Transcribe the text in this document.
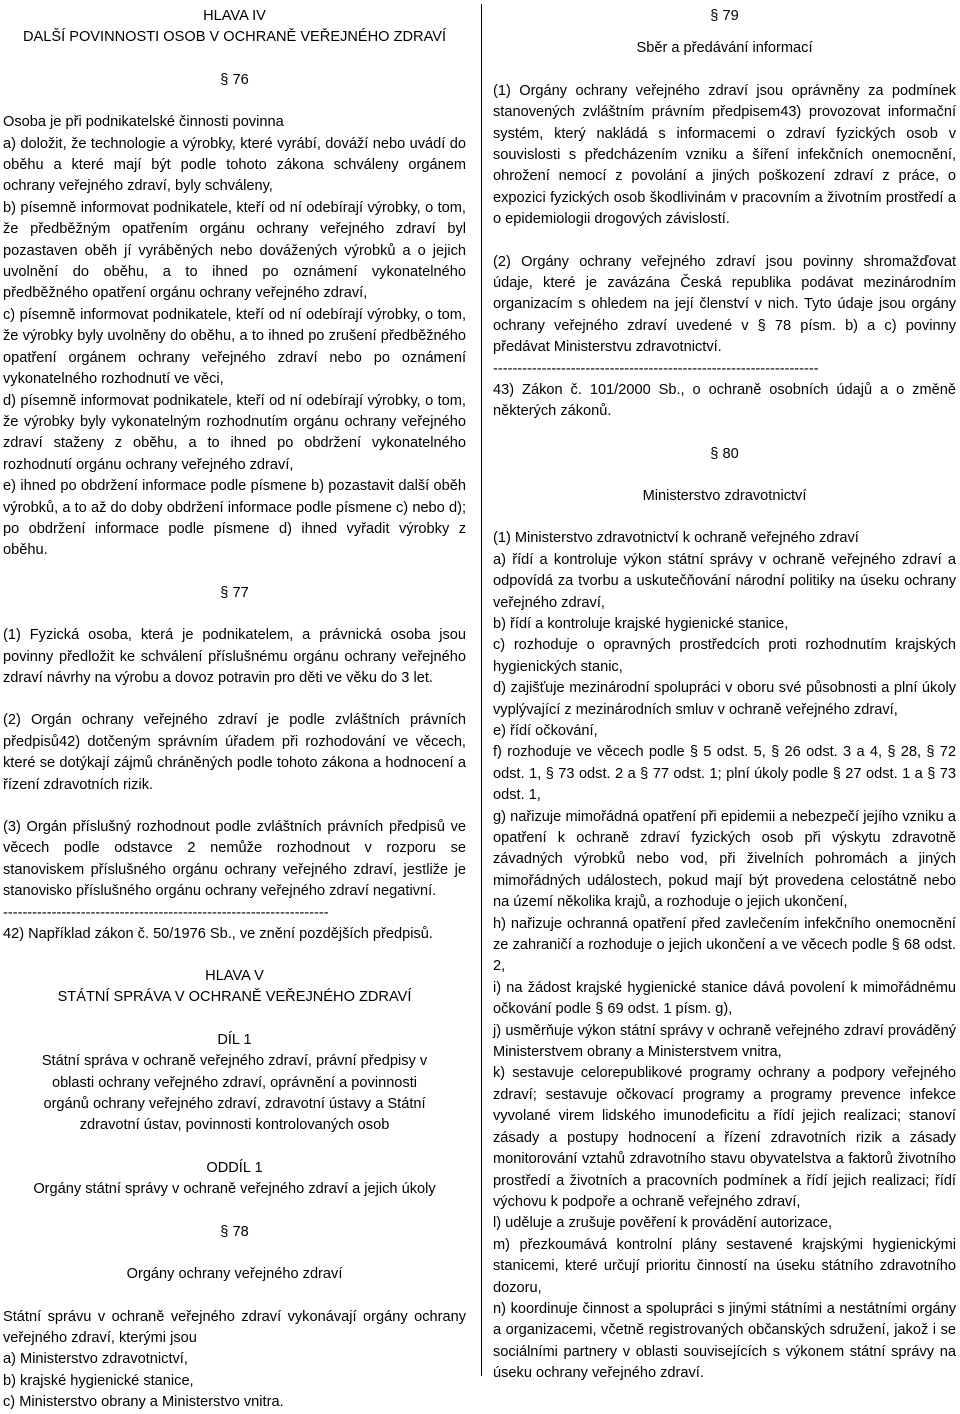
HLAVA IV

DALŠÍ POVINNOSTI OSOB V OCHRANĚ VEŘEJNÉHO ZDRAVÍ

§ 76

Osoba je při podnikatelské činnosti povinna

a) doložit, že technologie a výrobky, které vyrábí, dováží nebo uvádí do oběhu a které mají být podle tohoto zákona schváleny orgánem ochrany veřejného zdraví, byly schváleny,

b) písemně informovat podnikatele, kteří od ní odebírají výrobky, o tom, že předběžným opatřením orgánu ochrany veřejného zdraví byl pozastaven oběh jí vyráběných nebo dovážených výrobků a o jejich uvolnění do oběhu, a to ihned po oznámení vykonatelného předběžného opatření orgánu ochrany veřejného zdraví,

c) písemně informovat podnikatele, kteří od ní odebírají výrobky, o tom, že výrobky byly uvolněny do oběhu, a to ihned po zrušení předběžného opatření orgánem ochrany veřejného zdraví nebo po oznámení vykonatelného rozhodnutí ve věci,

d) písemně informovat podnikatele, kteří od ní odebírají výrobky, o tom, že výrobky byly vykonatelným rozhodnutím orgánu ochrany veřejného zdraví staženy z oběhu, a to ihned po obdržení vykonatelného rozhodnutí orgánu ochrany veřejného zdraví,

e) ihned po obdržení informace podle písmene b) pozastavit další oběh výrobků, a to až do doby obdržení informace podle písmene c) nebo d); po obdržení informace podle písmene d) ihned vyřadit výrobky z oběhu.

§ 77

(1) Fyzická osoba, která je podnikatelem, a právnická osoba jsou povinny předložit ke schválení příslušnému orgánu ochrany veřejného zdraví návrhy na výrobu a dovoz potravin pro děti ve věku do 3 let.

(2) Orgán ochrany veřejného zdraví je podle zvláštních právních předpisů42) dotčeným správním úřadem při rozhodování ve věcech, které se dotýkají zájmů chráněných podle tohoto zákona a hodnocení a řízení zdravotních rizik.

(3) Orgán příslušný rozhodnout podle zvláštních právních předpisů ve věcech podle odstavce 2 nemůže rozhodnout v rozporu se stanoviskem příslušného orgánu ochrany veřejného zdraví, jestliže je stanovisko příslušného orgánu ochrany veřejného zdraví negativní.

-------------------------------------------------------------------

42) Například zákon č. 50/1976 Sb., ve znění pozdějších předpisů.

HLAVA V

STÁTNÍ SPRÁVA V OCHRANĚ VEŘEJNÉHO ZDRAVÍ

DÍL 1

Státní správa v ochraně veřejného zdraví, právní předpisy v oblasti ochrany veřejného zdraví, oprávnění a povinnosti orgánů ochrany veřejného zdraví, zdravotní ústavy a Státní zdravotní ústav, povinnosti kontrolovaných osob

ODDÍL 1

Orgány státní správy v ochraně veřejného zdraví a jejich úkoly

§ 78

Orgány ochrany veřejného zdraví

Státní správu v ochraně veřejného zdraví vykonávají orgány ochrany veřejného zdraví, kterými jsou

a) Ministerstvo zdravotnictví,

b) krajské hygienické stanice,

c) Ministerstvo obrany a Ministerstvo vnitra.

§ 79

Sběr a předávání informací

(1) Orgány ochrany veřejného zdraví jsou oprávněny za podmínek stanovených zvláštním právním předpisem43) provozovat informační systém, který nakládá s informacemi o zdraví fyzických osob v souvislosti s předcházením vzniku a šíření infekčních onemocnění, ohrožení nemocí z povolání a jiných poškození zdraví z práce, o expozici fyzických osob škodlivinám v pracovním a životním prostředí a o epidemiologii drogových závislostí.

(2) Orgány ochrany veřejného zdraví jsou povinny shromažďovat údaje, které je zavázána Česká republika podávat mezinárodním organizacím s ohledem na její členství v nich. Tyto údaje jsou orgány ochrany veřejného zdraví uvedené v § 78 písm. b) a c) povinny předávat Ministerstvu zdravotnictví.

-------------------------------------------------------------------

43) Zákon č. 101/2000 Sb., o ochraně osobních údajů a o změně některých zákonů.

§ 80

Ministerstvo zdravotnictví

(1) Ministerstvo zdravotnictví k ochraně veřejného zdraví

a) řídí a kontroluje výkon státní správy v ochraně veřejného zdraví a odpovídá za tvorbu a uskutečňování národní politiky na úseku ochrany veřejného zdraví,

b) řídí a kontroluje krajské hygienické stanice,

c) rozhoduje o opravných prostředcích proti rozhodnutím krajských hygienických stanic,

d) zajišťuje mezinárodní spolupráci v oboru své působnosti a plní úkoly vyplývající z mezinárodních smluv v ochraně veřejného zdraví,

e) řídí očkování,

f) rozhoduje ve věcech podle § 5 odst. 5, § 26 odst. 3 a 4, § 28, § 72 odst. 1, § 73 odst. 2 a § 77 odst. 1; plní úkoly podle § 27 odst. 1 a § 73 odst. 1,

g) nařizuje mimořádná opatření při epidemii a nebezpečí jejího vzniku a opatření k ochraně zdraví fyzických osob při výskytu zdravotně závadných výrobků nebo vod, při živelních pohromách a jiných mimořádných událostech, pokud mají být provedena celostátně nebo na území několika krajů, a rozhoduje o jejich ukončení,

h) nařizuje ochranná opatření před zavlečením infekčního onemocnění ze zahraničí a rozhoduje o jejich ukončení a ve věcech podle § 68 odst. 2,

i) na žádost krajské hygienické stanice dává povolení k mimořádnému očkování podle § 69 odst. 1 písm. g),

j) usměrňuje výkon státní správy v ochraně veřejného zdraví prováděný Ministerstvem obrany a Ministerstvem vnitra,

k) sestavuje celorepublikové programy ochrany a podpory veřejného zdraví; sestavuje očkovací programy a programy prevence infekce vyvolané virem lidského imunodeficitu a řídí jejich realizaci; stanoví zásady a postupy hodnocení a řízení zdravotních rizik a zásady monitorování vztahů zdravotního stavu obyvatelstva a faktorů životního prostředí a životních a pracovních podmínek a řídí jejich realizaci; řídí výchovu k podpoře a ochraně veřejného zdraví,

l) uděluje a zrušuje pověření k provádění autorizace,

m) přezkoumává kontrolní plány sestavené krajskými hygienickými stanicemi, které určují prioritu činností na úseku státního zdravotního dozoru,

n) koordinuje činnost a spolupráci s jinými státními a nestátními orgány a organizacemi, včetně registrovaných občanských sdružení, jakož i se sociálními partnery v oblasti souvisejících s výkonem státní správy na úseku ochrany veřejného zdraví.
